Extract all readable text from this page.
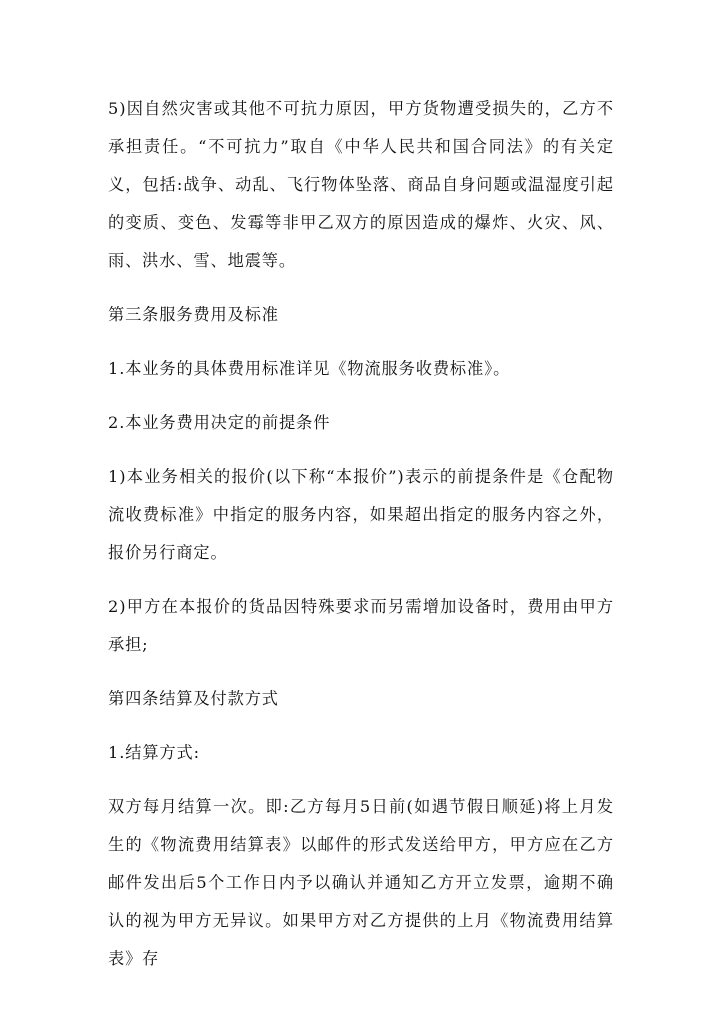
5)因自然灾害或其他不可抗力原因，甲方货物遭受损失的，乙方不承担责任。“不可抗力”取自《中华人民共和国合同法》的有关定义，包括:战争、动乱、飞行物体坠落、商品自身问题或温湿度引起的变质、变色、发霉等非甲乙双方的原因造成的爆炸、火灾、风、雨、洪水、雪、地震等。

第三条服务费用及标准

1.本业务的具体费用标准详见《物流服务收费标准》。

2.本业务费用决定的前提条件

1)本业务相关的报价(以下称“本报价”)表示的前提条件是《仓配物流收费标准》中指定的服务内容，如果超出指定的服务内容之外，报价另行商定。

2)甲方在本报价的货品因特殊要求而另需增加设备时，费用由甲方承担;

第四条结算及付款方式

1.结算方式:

双方每月结算一次。即:乙方每月5日前(如遇节假日顺延)将上月发生的《物流费用结算表》以邮件的形式发送给甲方，甲方应在乙方邮件发出后5个工作日内予以确认并通知乙方开立发票，逾期不确认的视为甲方无异议。如果甲方对乙方提供的上月《物流费用结算表》存
